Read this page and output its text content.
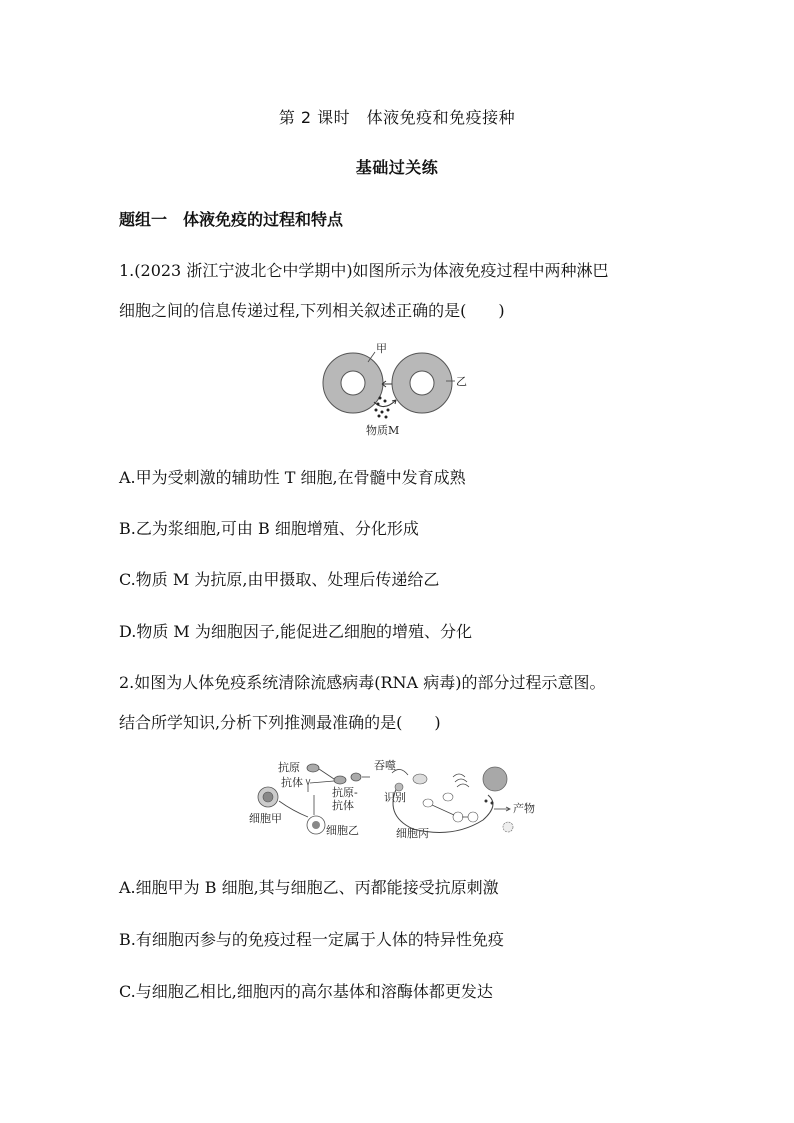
第 2 课时　体液免疫和免疫接种
基础过关练
题组一　体液免疫的过程和特点
1.(2023 浙江宁波北仑中学期中)如图所示为体液免疫过程中两种淋巴
细胞之间的信息传递过程,下列相关叙述正确的是(　　)
甲
乙
物质M
A.甲为受刺激的辅助性 T 细胞,在骨髓中发育成熟
B.乙为浆细胞,可由 B 细胞增殖、分化形成
C.物质 M 为抗原,由甲摄取、处理后传递给乙
D.物质 M 为细胞因子,能促进乙细胞的增殖、分化
2.如图为人体免疫系统清除流感病毒(RNA 病毒)的部分过程示意图。
结合所学知识,分析下列推测最准确的是(　　)
抗原
抗体
抗原-
抗体
吞噬
识别
产物
细胞甲
细胞乙	细胞丙
A.细胞甲为 B 细胞,其与细胞乙、丙都能接受抗原刺激
B.有细胞丙参与的免疫过程一定属于人体的特异性免疫
C.与细胞乙相比,细胞丙的高尔基体和溶酶体都更发达
